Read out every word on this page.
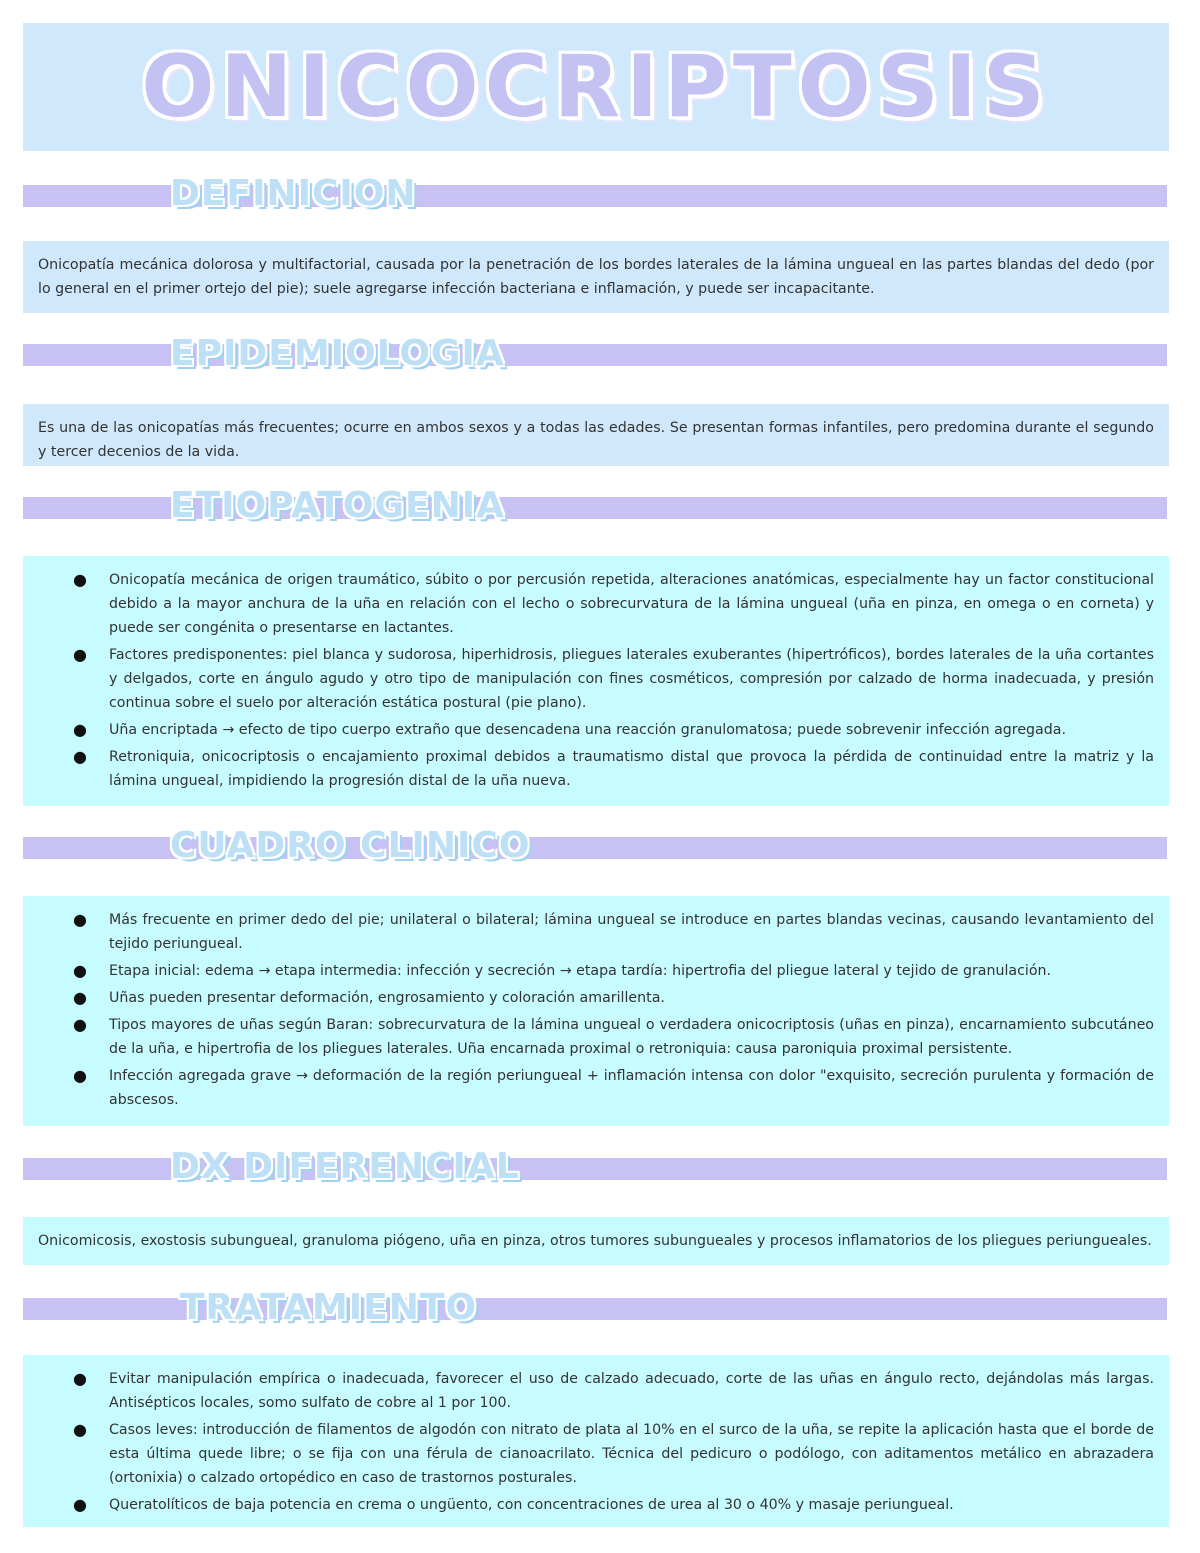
ONICOCRIPTOSIS
DEFINICION

Onicopatía mecánica dolorosa y multifactorial, causada por la penetración de los bordes laterales de la lámina ungueal en las partes blandas del dedo (por lo general en el primer ortejo del pie); suele agregarse infección bacteriana e inflamación, y puede ser incapacitante.

EPIDEMIOLOGIA

Es una de las onicopatías más frecuentes; ocurre en ambos sexos y a todas las edades. Se presentan formas infantiles, pero predomina durante el segundo y tercer decenios de la vida.

ETIOPATOGENIA
● Onicopatía mecánica de origen traumático, súbito o por percusión repetida, alteraciones anatómicas, especialmente hay un factor constitucional debido a la mayor anchura de la uña en relación con el lecho o sobrecurvatura de la lámina ungueal (uña en pinza, en omega o en corneta) y puede ser congénita o presentarse en lactantes.
● Factores predisponentes: piel blanca y sudorosa, hiperhidrosis, pliegues laterales exuberantes (hipertróficos), bordes laterales de la uña cortantes y delgados, corte en ángulo agudo y otro tipo de manipulación con fines cosméticos, compresión por calzado de horma inadecuada, y presión continua sobre el suelo por alteración estática postural (pie plano).
● Uña encriptada → efecto de tipo cuerpo extraño que desencadena una reacción granulomatosa; puede sobrevenir infección agregada.
● Retroniquia, onicocriptosis o encajamiento proximal debidos a traumatismo distal que provoca la pérdida de continuidad entre la matriz y la lámina ungueal, impidiendo la progresión distal de la uña nueva.
CUADRO CLINICO
● Más frecuente en primer dedo del pie; unilateral o bilateral; lámina ungueal se introduce en partes blandas vecinas, causando levantamiento del tejido periungueal.
● Etapa inicial: edema → etapa intermedia: infección y secreción → etapa tardía: hipertrofia del pliegue lateral y tejido de granulación.
● Uñas pueden presentar deformación, engrosamiento y coloración amarillenta.
● Tipos mayores de uñas según Baran: sobrecurvatura de la lámina ungueal o verdadera onicocriptosis (uñas en pinza), encarnamiento subcutáneo de la uña, e hipertrofia de los pliegues laterales. Uña encarnada proximal o retroniquia: causa paroniquia proximal persistente.
● Infección agregada grave → deformación de la región periungueal + inflamación intensa con dolor "exquisito, secreción purulenta y formación de abscesos.
DX DIFERENCIAL

Onicomicosis, exostosis subungueal, granuloma piógeno, uña en pinza, otros tumores subungueales y procesos inflamatorios de los pliegues periungueales.

TRATAMIENTO
● Evitar manipulación empírica o inadecuada, favorecer el uso de calzado adecuado, corte de las uñas en ángulo recto, dejándolas más largas. Antisépticos locales, somo sulfato de cobre al 1 por 100.
● Casos leves: introducción de filamentos de algodón con nitrato de plata al 10% en el surco de la uña, se repite la aplicación hasta que el borde de esta última quede libre; o se fija con una férula de cianoacrilato. Técnica del pedicuro o podólogo, con aditamentos metálico en abrazadera (ortonixia) o calzado ortopédico en caso de trastornos posturales.
● Queratolíticos de baja potencia en crema o ungüento, con concentraciones de urea al 30 o 40% y masaje periungueal.
